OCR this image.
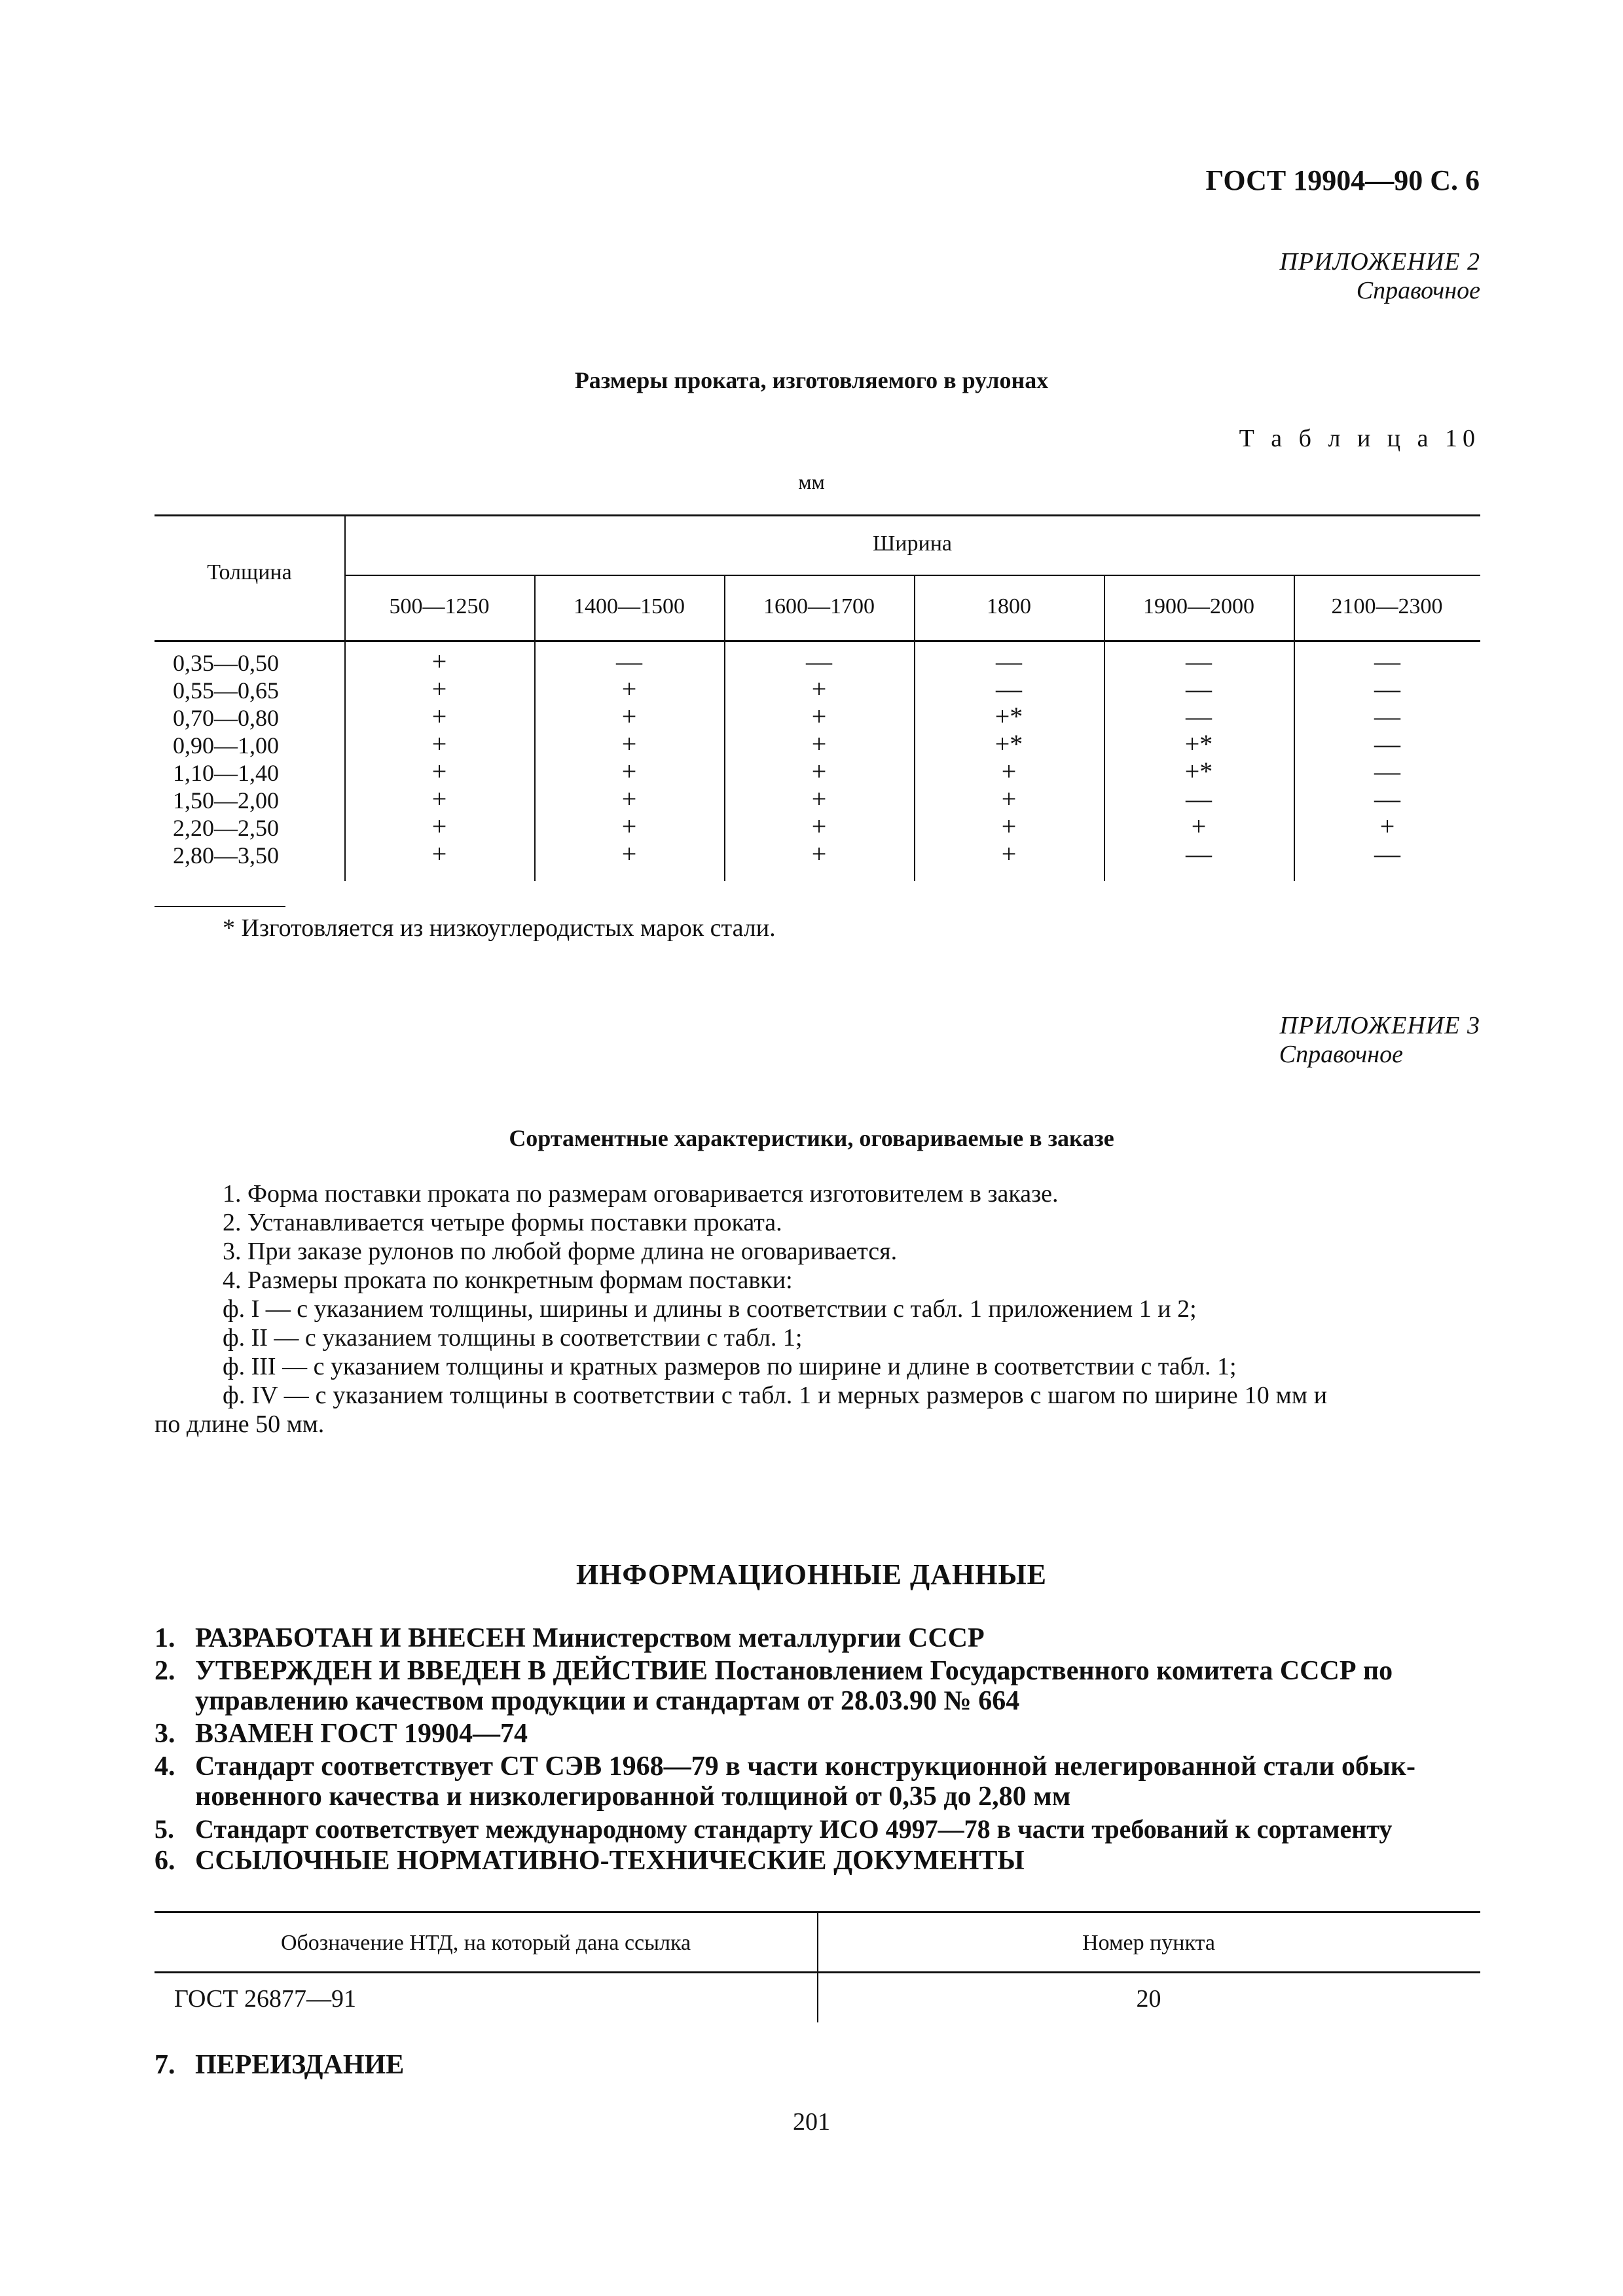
ГОСТ 19904—90 С. 6
ПРИЛОЖЕНИЕ 2
Справочное
Размеры проката, изготовляемого в рулонах
Т а б л и ц а 10
мм
Толщина
Ширина
500—1250	1400—1500	1600—1700	1800	1900—2000	2100—2300
0,35—0,50	+	—	—	—	—	—
0,55—0,65	+	+	+	—	—	—
0,70—0,80	+	+	+	+*	—	—
0,90—1,00	+	+	+	+*	+*	—
1,10—1,40	+	+	+	+	+*	—
1,50—2,00	+	+	+	+	—	—
2,20—2,50	+	+	+	+	+	+
2,80—3,50	+	+	+	+	—	—
* Изготовляется из низкоуглеродистых марок стали.
ПРИЛОЖЕНИЕ 3
Справочное
Сортаментные характеристики, оговариваемые в заказе
1. Форма поставки проката по размерам оговаривается изготовителем в заказе.
2. Устанавливается четыре формы поставки проката.
3. При заказе рулонов по любой форме длина не оговаривается.
4. Размеры проката по конкретным формам поставки:
ф. I — с указанием толщины, ширины и длины в соответствии с табл. 1 приложением 1 и 2;
ф. II — с указанием толщины в соответствии с табл. 1;
ф. III — с указанием толщины и кратных размеров по ширине и длине в соответствии с табл. 1;
ф. IV — с указанием толщины в соответствии с табл. 1 и мерных размеров с шагом по ширине 10 мм и
по длине 50 мм.
ИНФОРМАЦИОННЫЕ ДАННЫЕ
1. РАЗРАБОТАН И ВНЕСЕН Министерством металлургии СССР
2. УТВЕРЖДЕН И ВВЕДЕН В ДЕЙСТВИЕ Постановлением Государственного комитета СССР по
управлению качеством продукции и стандартам от 28.03.90 № 664
3. ВЗАМЕН ГОСТ 19904—74
4. Стандарт соответствует СТ СЭВ 1968—79 в части конструкционной нелегированной стали обык-
новенного качества и низколегированной толщиной от 0,35 до 2,80 мм
5. Стандарт соответствует международному стандарту ИСО 4997—78 в части требований к сортаменту
6. ССЫЛОЧНЫЕ НОРМАТИВНО-ТЕХНИЧЕСКИЕ ДОКУМЕНТЫ
Обозначение НТД, на который дана ссылка	Номер пункта
ГОСТ 26877—91	20
7. ПЕРЕИЗДАНИЕ
201
